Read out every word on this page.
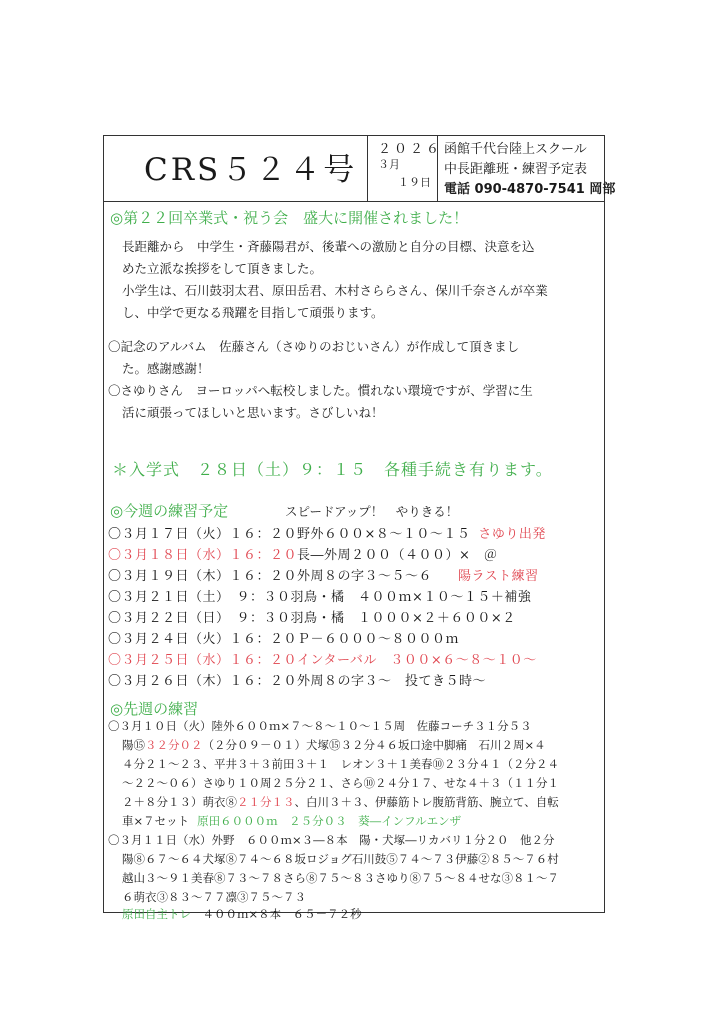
CRS５２４号
２０２６
３月
１９日
函館千代台陸上スクール
中長距離班・練習予定表
電話 090-4870-7541 岡部
◎第２２回卒業式・祝う会　盛大に開催されました！
長距離から　中学生・斉藤陽君が、後輩への激励と自分の目標、決意を込
めた立派な挨拶をして頂きました。
小学生は、石川鼓羽太君、原田岳君、木村さららさん、保川千奈さんが卒業
し、中学で更なる飛躍を目指して頑張ります。
〇記念のアルバム　佐藤さん（さゆりのおじいさん）が作成して頂きまし
た。感謝感謝！
〇さゆりさん　ヨーロッパへ転校しました。慣れない環境ですが、学習に生
活に頑張ってほしいと思います。さびしいね！
＊入学式　２８日（土）９：１５　各種手続き有ります。
◎今週の練習予定	スピードアップ！　やりきる！
〇３月１７日（火）１６：２０野外６００×８～１０～１５ さゆり出発
〇３月１８日（水）１６：２０長―外周２００（４００）×　＠
〇３月１９日（木）１６：２０外周８の字３～５～６ 陽ラスト練習
〇３月２１日（土）　９：３０羽鳥・橘　４００ｍ×１０～１５＋補強
〇３月２２日（日）　９：３０羽鳥・橘　１０００×２＋６００×２
〇３月２４日（火）１６：２０Ｐ－６０００～８０００ｍ
〇３月２５日（水）１６：２０インターバル　３００×６～８～１０～
〇３月２６日（木）１６：２０外周８の字３～　投てき５時～
◎先週の練習
〇３月１０日（火）陸外６００ｍ×７～８～１０～１５周　佐藤コーチ３１分５３
陽⑮３２分０２（２分０９－０１）犬塚⑮３２分４６坂口途中脚痛　石川２周×４
４分２１～２３、平井３＋３前田３＋１　レオン３＋１美春⑩２３分４１（２分２４
～２２～０６）さゆり１０周２５分２１、さら⑩２４分１７、せな４＋３（１１分１
２＋８分１３）萌衣⑧２１分１３、白川３＋３、伊藤筋トレ腹筋背筋、腕立て、自転
車×７セット 原田６０００ｍ　２５分０３　葵―インフルエンザ
〇３月１１日（水）外野　６００ｍ×３―８本　陽・犬塚―リカバリ１分２０　他２分
陽⑧６７～６４犬塚⑧７４～６８坂ロジョグ石川鼓⑤７４～７３伊藤②８５～７６村
越山３～９１美春⑧７３～７８さら⑧７５～８３さゆり⑧７５～８４せな③８１～７
６萌衣③８３～７７凛③７５～７３
原田自主トレ　４００ｍ×８本　６５－７２秒
